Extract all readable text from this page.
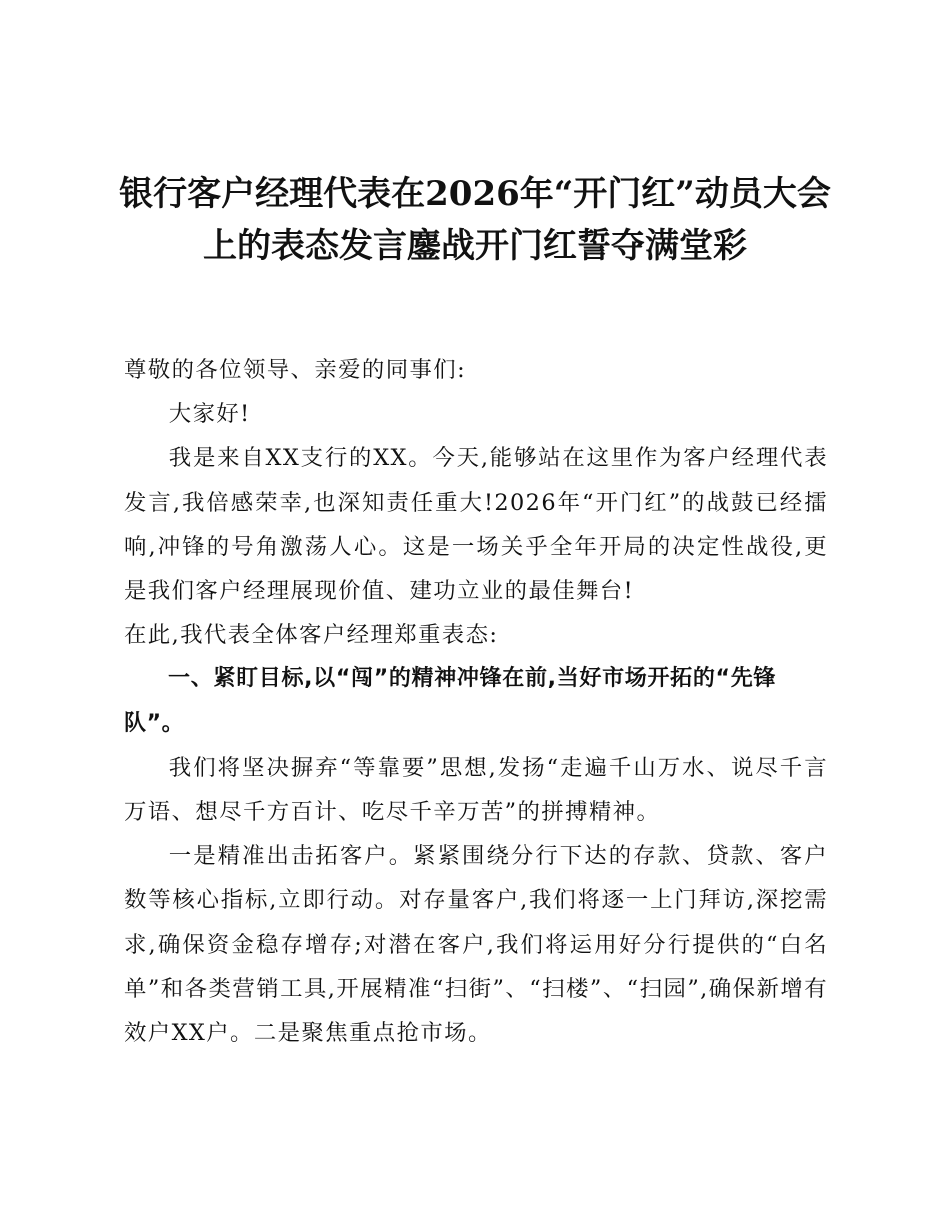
银行客户经理代表在2026年“开门红”动员大会上的表态发言鏖战开门红誓夺满堂彩

尊敬的各位领导、亲爱的同事们:

大家好!

我是来自XX支行的XX。今天,能够站在这里作为客户经理代表发言,我倍感荣幸,也深知责任重大!2026年“开门红”的战鼓已经擂响,冲锋的号角激荡人心。这是一场关乎全年开局的决定性战役,更是我们客户经理展现价值、建功立业的最佳舞台!

在此,我代表全体客户经理郑重表态:

一、紧盯目标,以“闯”的精神冲锋在前,当好市场开拓的“先锋队”。

我们将坚决摒弃“等靠要”思想,发扬“走遍千山万水、说尽千言万语、想尽千方百计、吃尽千辛万苦”的拼搏精神。

一是精准出击拓客户。紧紧围绕分行下达的存款、贷款、客户数等核心指标,立即行动。对存量客户,我们将逐一上门拜访,深挖需求,确保资金稳存增存;对潜在客户,我们将运用好分行提供的“白名单”和各类营销工具,开展精准“扫街”、“扫楼”、“扫园”,确保新增有效户XX户。二是聚焦重点抢市场。
